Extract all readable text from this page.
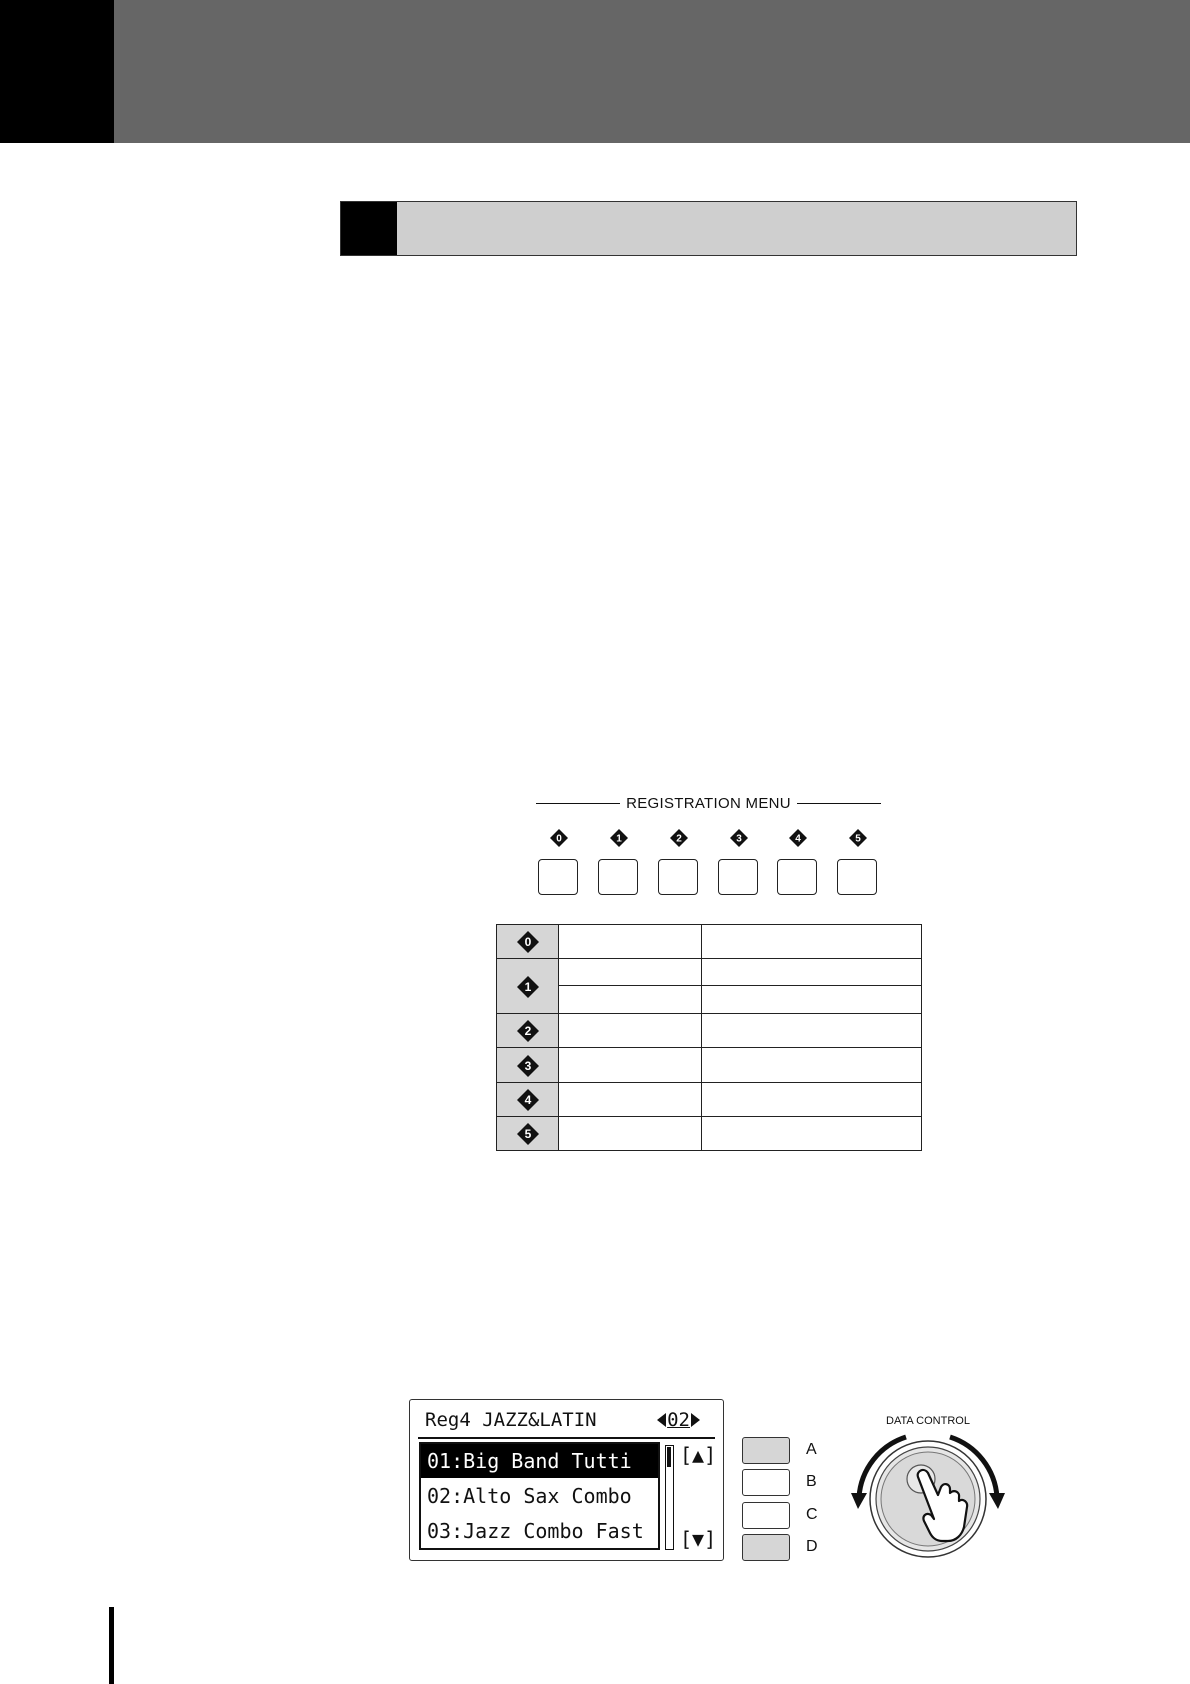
REGISTRATION MENU
0	1	2	3	4	5
0
1
2
3
4
5
Reg4 JAZZ&LATIN	02
01:Big Band Tutti
02:Alto Sax Combo
03:Jazz Combo Fast
[▲]
[▼]
A
B
C
D
DATA CONTROL
